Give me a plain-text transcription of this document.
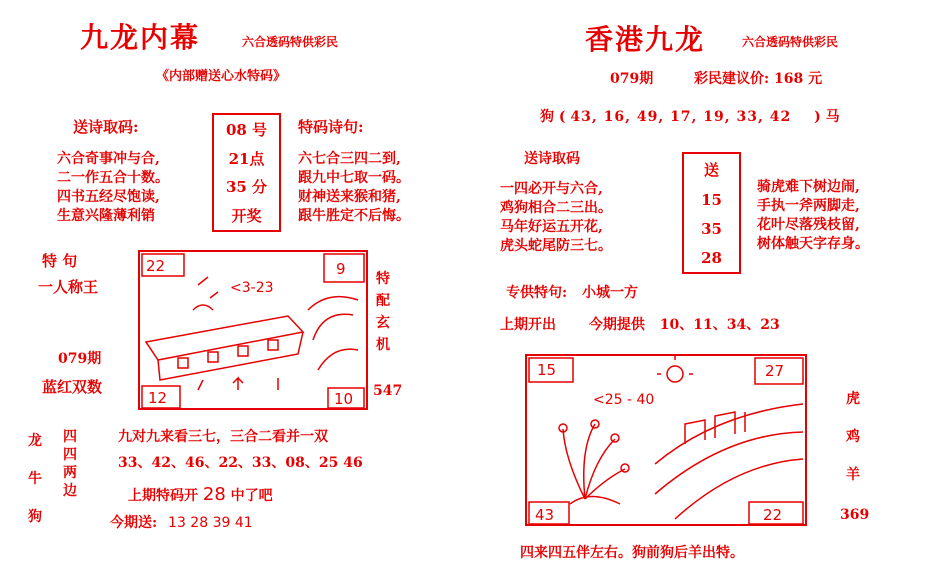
九龙内幕	六合透码特供彩民
《内部赠送心水特码》
送诗取码:
六合奇事冲与合,
二一作五合十数。
四书五经尽饱读,
生意兴隆薄利销
08 号
21点
35 分
开奖
特码诗句:
六七合三四二到,
跟九中七取一码。
财神送来猴和猪,
跟牛胜定不后悔。
特 句
一人称王
079期
蓝红双数
22	9
12	10
<3-23
特
配
玄
机
547
龙
牛
狗
四
四
两
边
九对九来看三七，三合二看并一双
33、42、46、22、33、08、25 46
上期特码开 28 中了吧
今期送: 13 28 39 41
香港九龙	六合透码特供彩民
079期	彩民建议价: 168 元
狗 ( 43, 16, 49, 17, 19, 33, 42 ) 马
送诗取码
一四必开与六合,
鸡狗相合二三出。
马年好运五开花,
虎头蛇尾防三七。
送
15
35
28
骑虎难下树边闹,
手执一斧两脚走,
花叶尽落残枝留,
树体触天字存身。
专供特句: 小城一方
上期开出 今期提供 10、11、34、23
15	27
43	22
<25 - 40	虎
鸡
羊
369
四来四五伴左右。狗前狗后羊出特。
